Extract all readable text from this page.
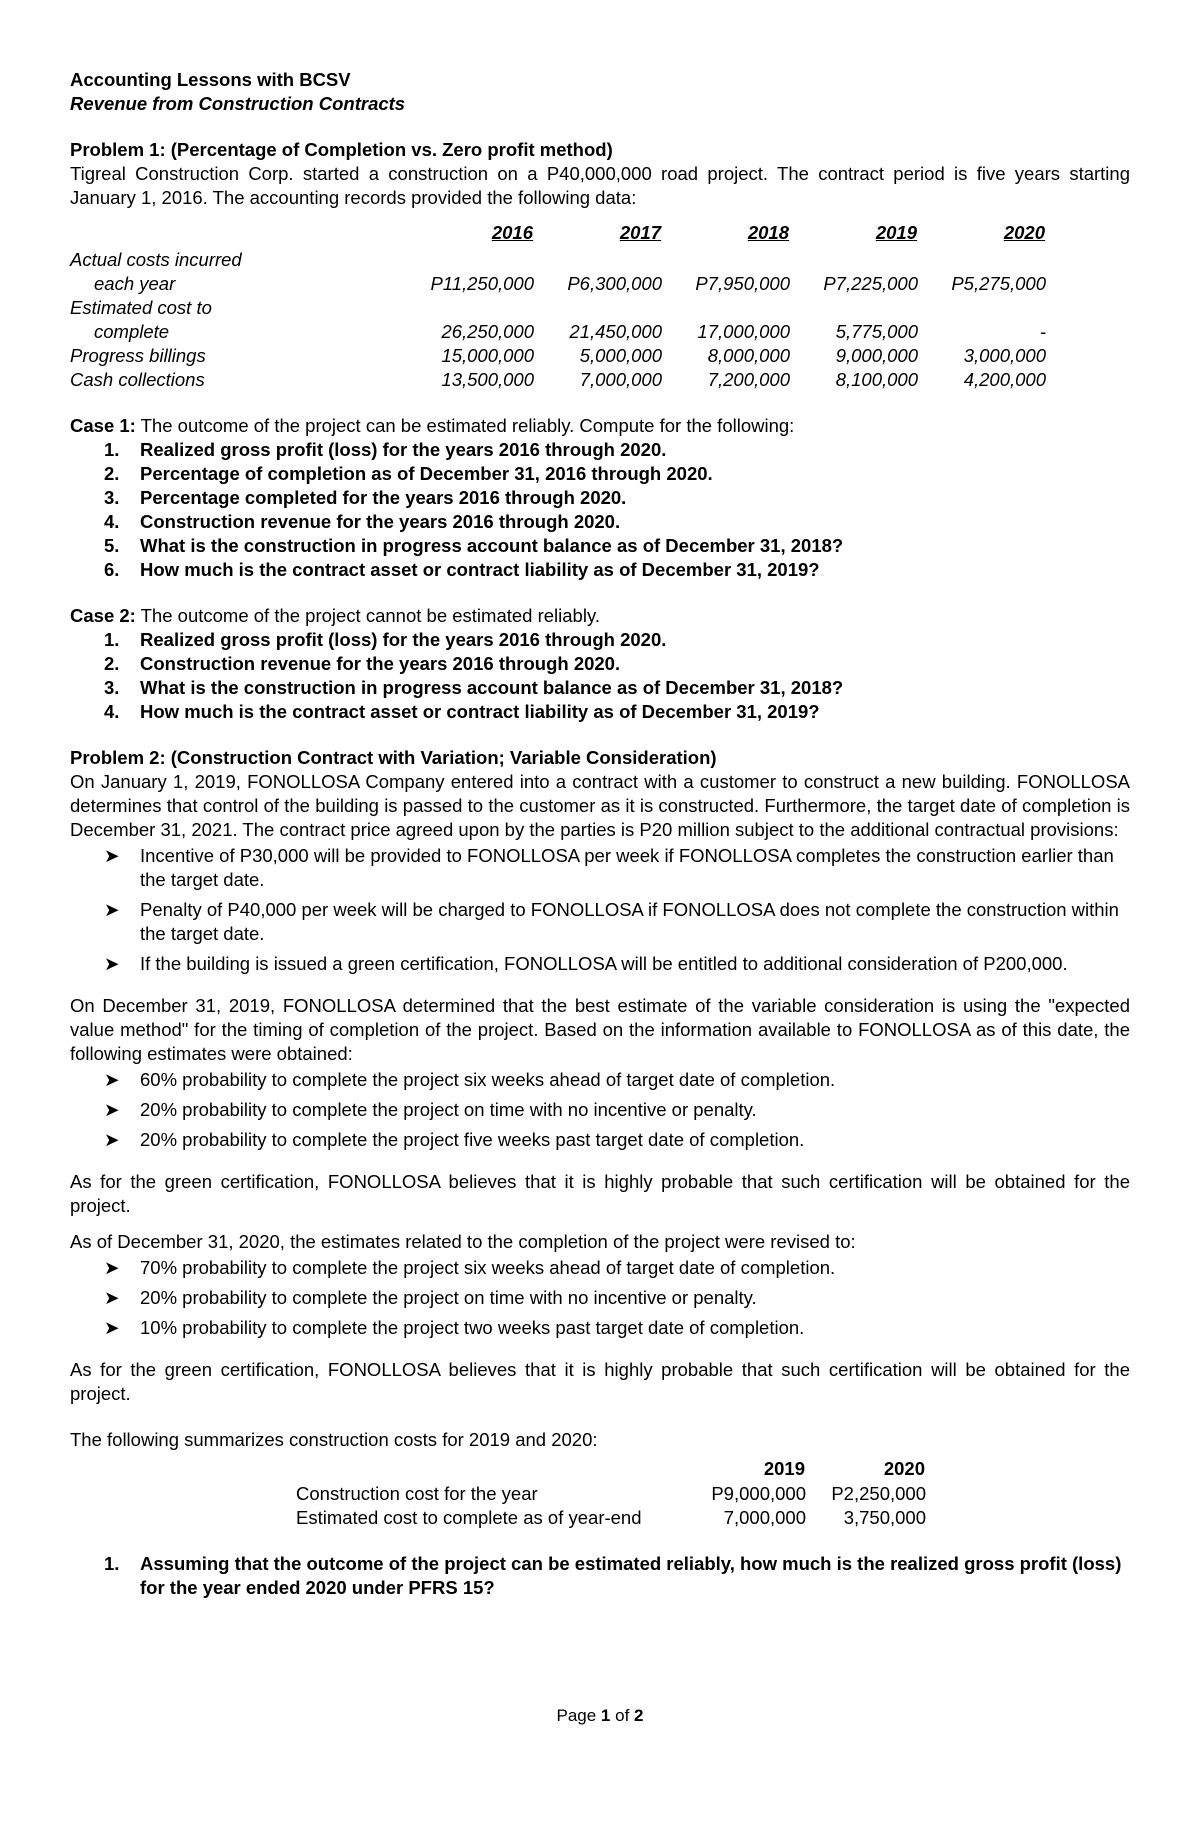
Accounting Lessons with BCSV

Revenue from Construction Contracts

Problem 1: (Percentage of Completion vs. Zero profit method)

Tigreal Construction Corp. started a construction on a P40,000,000 road project. The contract period is five years starting January 1, 2016. The accounting records provided the following data:

	2016	2017	2018	2019	2020
Actual costs incurred					
each year	P11,250,000	P6,300,000	P7,950,000	P7,225,000	P5,275,000
Estimated cost to					
complete	26,250,000	21,450,000	17,000,000	5,775,000	-
Progress billings	15,000,000	5,000,000	8,000,000	9,000,000	3,000,000
Cash collections	13,500,000	7,000,000	7,200,000	8,100,000	4,200,000

Case 1: The outcome of the project can be estimated reliably. Compute for the following:

1.	Realized gross profit (loss) for the years 2016 through 2020.
2.	Percentage of completion as of December 31, 2016 through 2020.
3.	Percentage completed for the years 2016 through 2020.
4.	Construction revenue for the years 2016 through 2020.
5.	What is the construction in progress account balance as of December 31, 2018?
6.	How much is the contract asset or contract liability as of December 31, 2019?

Case 2: The outcome of the project cannot be estimated reliably.

1.	Realized gross profit (loss) for the years 2016 through 2020.
2.	Construction revenue for the years 2016 through 2020.
3.	What is the construction in progress account balance as of December 31, 2018?
4.	How much is the contract asset or contract liability as of December 31, 2019?

Problem 2: (Construction Contract with Variation; Variable Consideration)

On January 1, 2019, FONOLLOSA Company entered into a contract with a customer to construct a new building. FONOLLOSA determines that control of the building is passed to the customer as it is constructed. Furthermore, the target date of completion is December 31, 2021. The contract price agreed upon by the parties is P20 million subject to the additional contractual provisions:

➤ Incentive of P30,000 will be provided to FONOLLOSA per week if FONOLLOSA completes the construction earlier than the target date.
➤ Penalty of P40,000 per week will be charged to FONOLLOSA if FONOLLOSA does not complete the construction within the target date.
➤ If the building is issued a green certification, FONOLLOSA will be entitled to additional consideration of P200,000.

On December 31, 2019, FONOLLOSA determined that the best estimate of the variable consideration is using the "expected value method" for the timing of completion of the project. Based on the information available to FONOLLOSA as of this date, the following estimates were obtained:

➤ 60% probability to complete the project six weeks ahead of target date of completion.
➤ 20% probability to complete the project on time with no incentive or penalty.
➤ 20% probability to complete the project five weeks past target date of completion.

As for the green certification, FONOLLOSA believes that it is highly probable that such certification will be obtained for the project.

As of December 31, 2020, the estimates related to the completion of the project were revised to:

➤ 70% probability to complete the project six weeks ahead of target date of completion.
➤ 20% probability to complete the project on time with no incentive or penalty.
➤ 10% probability to complete the project two weeks past target date of completion.

As for the green certification, FONOLLOSA believes that it is highly probable that such certification will be obtained for the project.

The following summarizes construction costs for 2019 and 2020:

	2019	2020
Construction cost for the year	P9,000,000	P2,250,000
Estimated cost to complete as of year-end	7,000,000	3,750,000
1.	Assuming that the outcome of the project can be estimated reliably, how much is the realized gross profit (loss) for the year ended 2020 under PFRS 15?
Page 1 of 2
